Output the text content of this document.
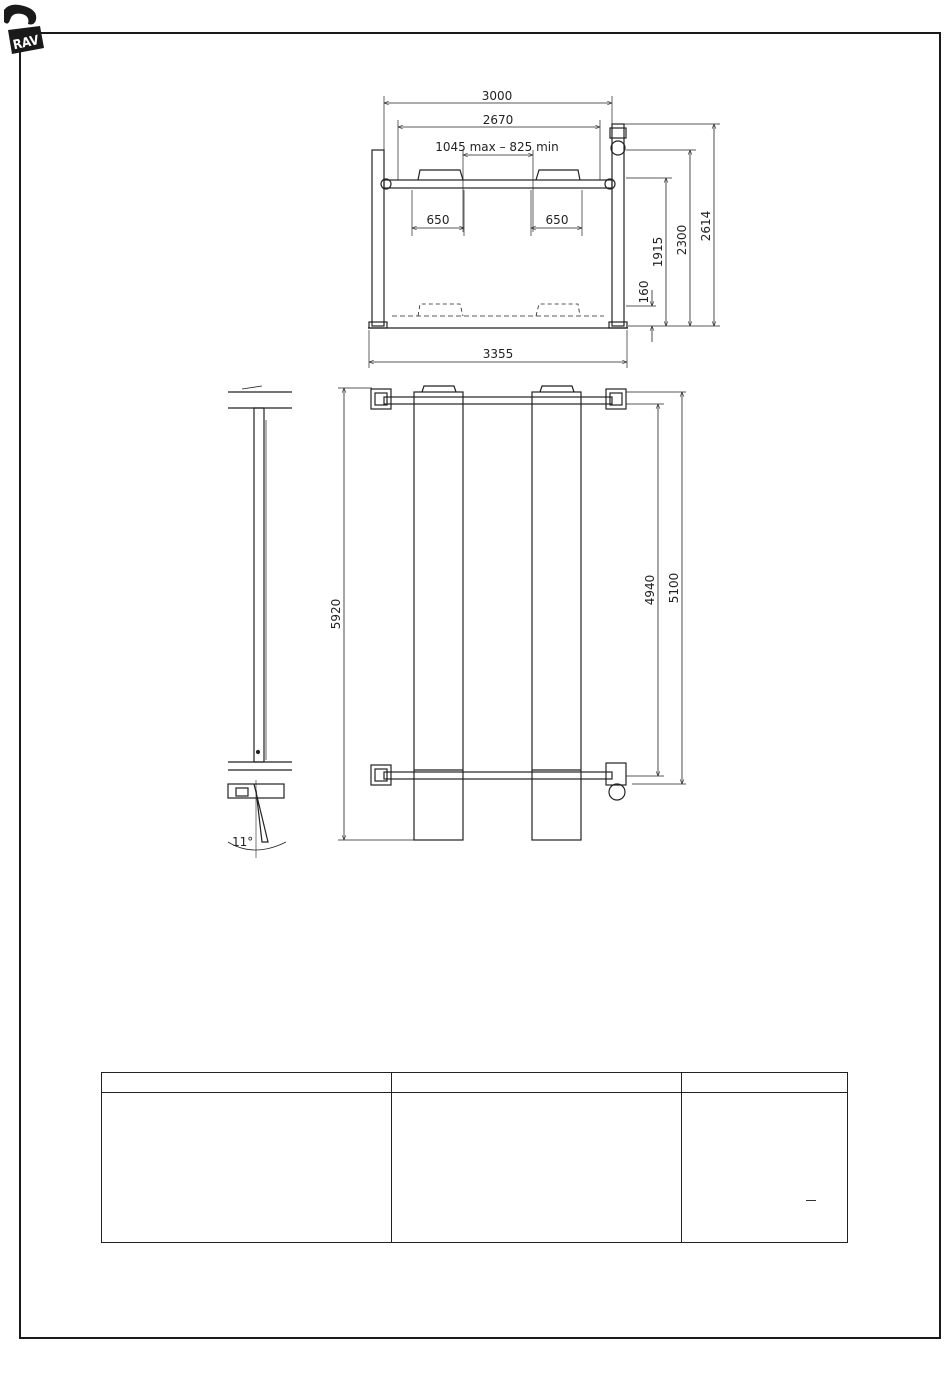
RAV
3000
2670
1045 max – 825 min
650	650
3355
2614
2300
1915
160
11°
5920
4940 5100
